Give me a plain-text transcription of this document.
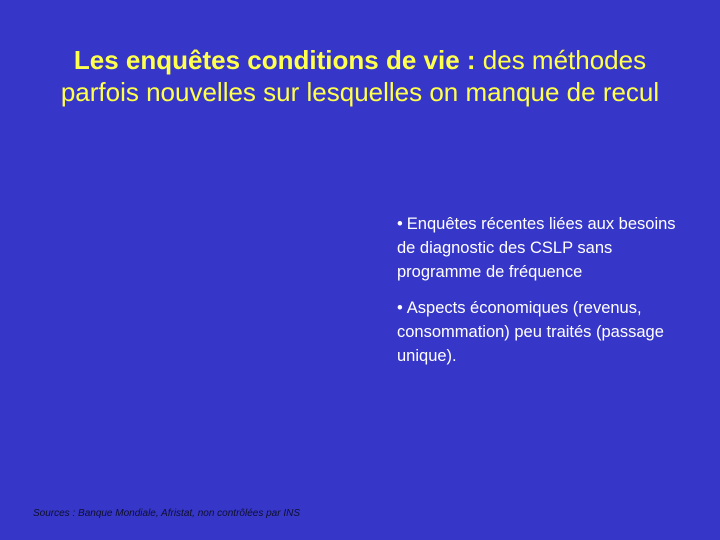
Les enquêtes conditions de vie : des méthodes parfois nouvelles sur lesquelles on manque de recul

• Enquêtes récentes liées aux besoins de diagnostic des CSLP sans programme de fréquence

• Aspects économiques (revenus, consommation) peu traités (passage unique).

Sources : Banque Mondiale, Afristat, non contrôlées par INS
